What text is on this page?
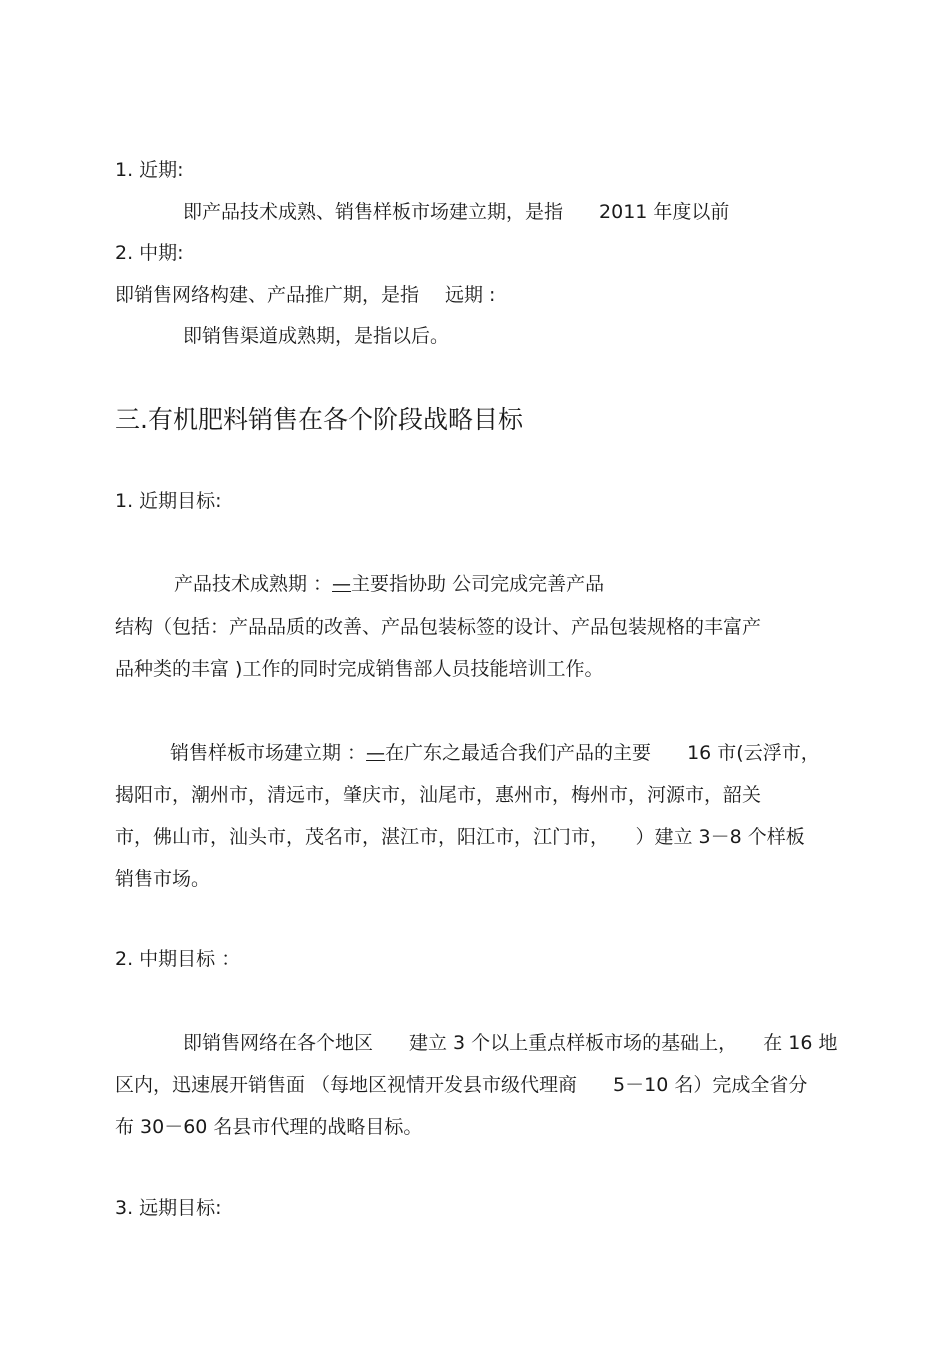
1. 近期:
即产品技术成熟、销售样板市场建立期，是指 2011 年度以前
2. 中期:
即销售网络构建、产品推广期，是指 远期 :
即销售渠道成熟期，是指以后。
三.有机肥料销售在各个阶段战略目标
1. 近期目标:
产品技术成熟期 ：—主要指协助 公司完成完善产品
结构（包括：产品品质的改善、产品包装标签的设计、产品包装规格的丰富产
品种类的丰富 )工作的同时完成销售部人员技能培训工作。
销售样板市场建立期 ：—在广东之最适合我们产品的主要 16 市(云浮市，
揭阳市，潮州市，清远市，肇庆市，汕尾市，惠州市，梅州市，河源市，韶关
市，佛山市，汕头市，茂名市，湛江市，阳江市，江门市， ）建立 3－8 个样板
销售市场。
2. 中期目标 ：
即销售网络在各个地区 建立 3 个以上重点样板市场的基础上， 在 16 地
区内，迅速展开销售面 （每地区视情开发县市级代理商 5－10 名）完成全省分
布 30－60 名县市代理的战略目标。
3. 远期目标:
